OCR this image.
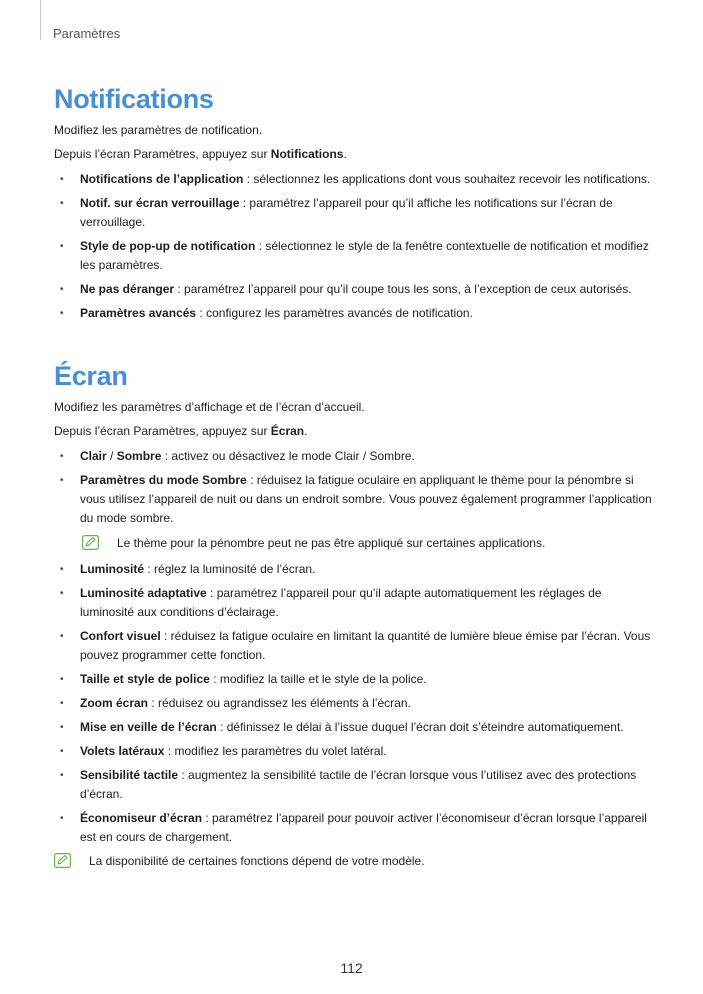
Paramètres
Notifications

Modifiez les paramètres de notification.

Depuis l’écran Paramètres, appuyez sur Notifications.

• Notifications de l’application : sélectionnez les applications dont vous souhaitez recevoir les notifications.
• Notif. sur écran verrouillage : paramétrez l’appareil pour qu’il affiche les notifications sur l’écran de verrouillage.
• Style de pop-up de notification : sélectionnez le style de la fenêtre contextuelle de notification et modifiez les paramètres.
• Ne pas déranger : paramétrez l’appareil pour qu’il coupe tous les sons, à l’exception de ceux autorisés.
• Paramètres avancés : configurez les paramètres avancés de notification.
Écran

Modifiez les paramètres d’affichage et de l’écran d’accueil.

Depuis l’écran Paramètres, appuyez sur Écran.

• Clair / Sombre : activez ou désactivez le mode Clair / Sombre.
• Paramètres du mode Sombre : réduisez la fatigue oculaire en appliquant le thème pour la pénombre si vous utilisez l’appareil de nuit ou dans un endroit sombre. Vous pouvez également programmer l’application du mode sombre.
Le thème pour la pénombre peut ne pas être appliqué sur certaines applications.
• Luminosité : réglez la luminosité de l’écran.
• Luminosité adaptative : paramétrez l’appareil pour qu’il adapte automatiquement les réglages de luminosité aux conditions d’éclairage.
• Confort visuel : réduisez la fatigue oculaire en limitant la quantité de lumière bleue émise par l’écran. Vous pouvez programmer cette fonction.
• Taille et style de police : modifiez la taille et le style de la police.
• Zoom écran : réduisez ou agrandissez les éléments à l’écran.
• Mise en veille de l’écran : définissez le délai à l’issue duquel l’écran doit s’éteindre automatiquement.
• Volets latéraux : modifiez les paramètres du volet latéral.
• Sensibilité tactile : augmentez la sensibilité tactile de l’écran lorsque vous l’utilisez avec des protections d’écran.
• Économiseur d’écran : paramétrez l’appareil pour pouvoir activer l’économiseur d’écran lorsque l’appareil est en cours de chargement.
La disponibilité de certaines fonctions dépend de votre modèle.
112
